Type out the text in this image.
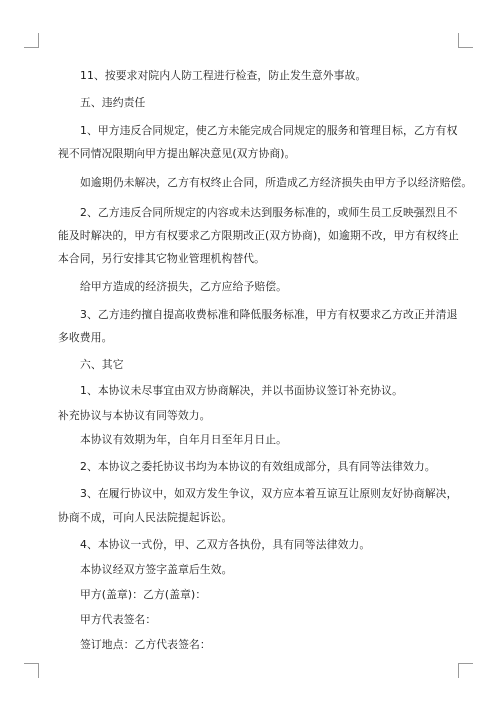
11、按要求对院内人防工程进行检查，防止发生意外事故。
五、违约责任
1、甲方违反合同规定，使乙方未能完成合同规定的服务和管理目标，乙方有权
视不同情况限期向甲方提出解决意见(双方协商)。
如逾期仍未解决，乙方有权终止合同，所造成乙方经济损失由甲方予以经济赔偿。
2、乙方违反合同所规定的内容或未达到服务标准的，或师生员工反映强烈且不
能及时解决的，甲方有权要求乙方限期改正(双方协商)，如逾期不改，甲方有权终止
本合同，另行安排其它物业管理机构替代。
给甲方造成的经济损失，乙方应给予赔偿。
3、乙方违约擅自提高收费标准和降低服务标准，甲方有权要求乙方改正并清退
多收费用。
六、其它
1、本协议未尽事宜由双方协商解决，并以书面协议签订补充协议。
补充协议与本协议有同等效力。
本协议有效期为年，自年月日至年月日止。
2、本协议之委托协议书均为本协议的有效组成部分，具有同等法律效力。
3、在履行协议中，如双方发生争议，双方应本着互谅互让原则友好协商解决，
协商不成，可向人民法院提起诉讼。
4、本协议一式份，甲、乙双方各执份，具有同等法律效力。
本协议经双方签字盖章后生效。
甲方(盖章)：乙方(盖章)：
甲方代表签名：
签订地点：乙方代表签名：
